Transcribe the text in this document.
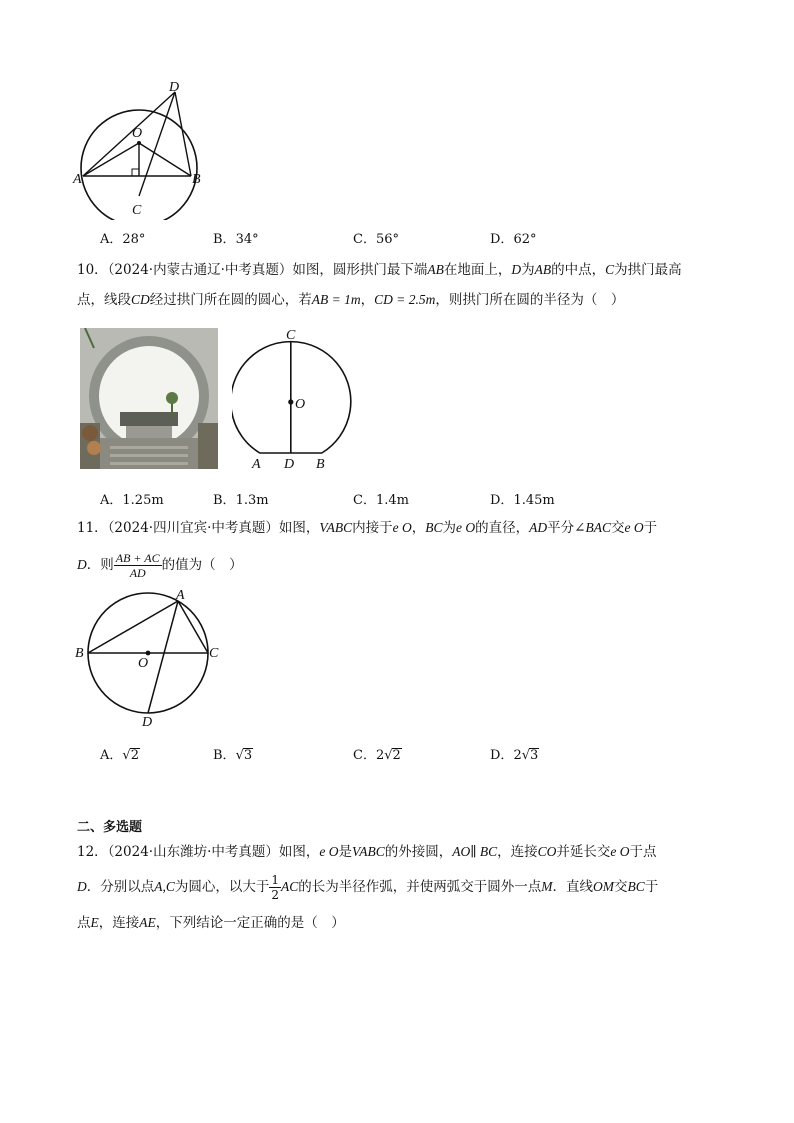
D
O
A	B
C
A．28°	B．34°	C．56°	D．62°
10．（2024·内蒙古通辽·中考真题）如图，圆形拱门最下端AB在地面上，D为AB的中点，C为拱门最高
点，线段CD经过拱门所在圆的圆心，若AB = 1m，CD = 2.5m，则拱门所在圆的半径为（　）
C
O
A D B
A．1.25m	B．1.3m	C．1.4m	D．1.45m
11．（2024·四川宜宾·中考真题）如图，VABC内接于e O，BC为e O的直径，AD平分∠BAC交e O于
D．则 $\frac{AB + AC}{AD}$ 的值为（　）
A
B	C
O
D
A．√2	B．√3	C．2√2	D．2√3
二、多选题
12．（2024·山东潍坊·中考真题）如图，e O是VABC的外接圆，AO∥ BC，连接CO并延长交e O于点
D．分别以点A,C为圆心，以大于 $\frac{1}{2}$ AC的长为半径作弧，并使两弧交于圆外一点M．直线OM交BC于
点E，连接AE，下列结论一定正确的是（　）
